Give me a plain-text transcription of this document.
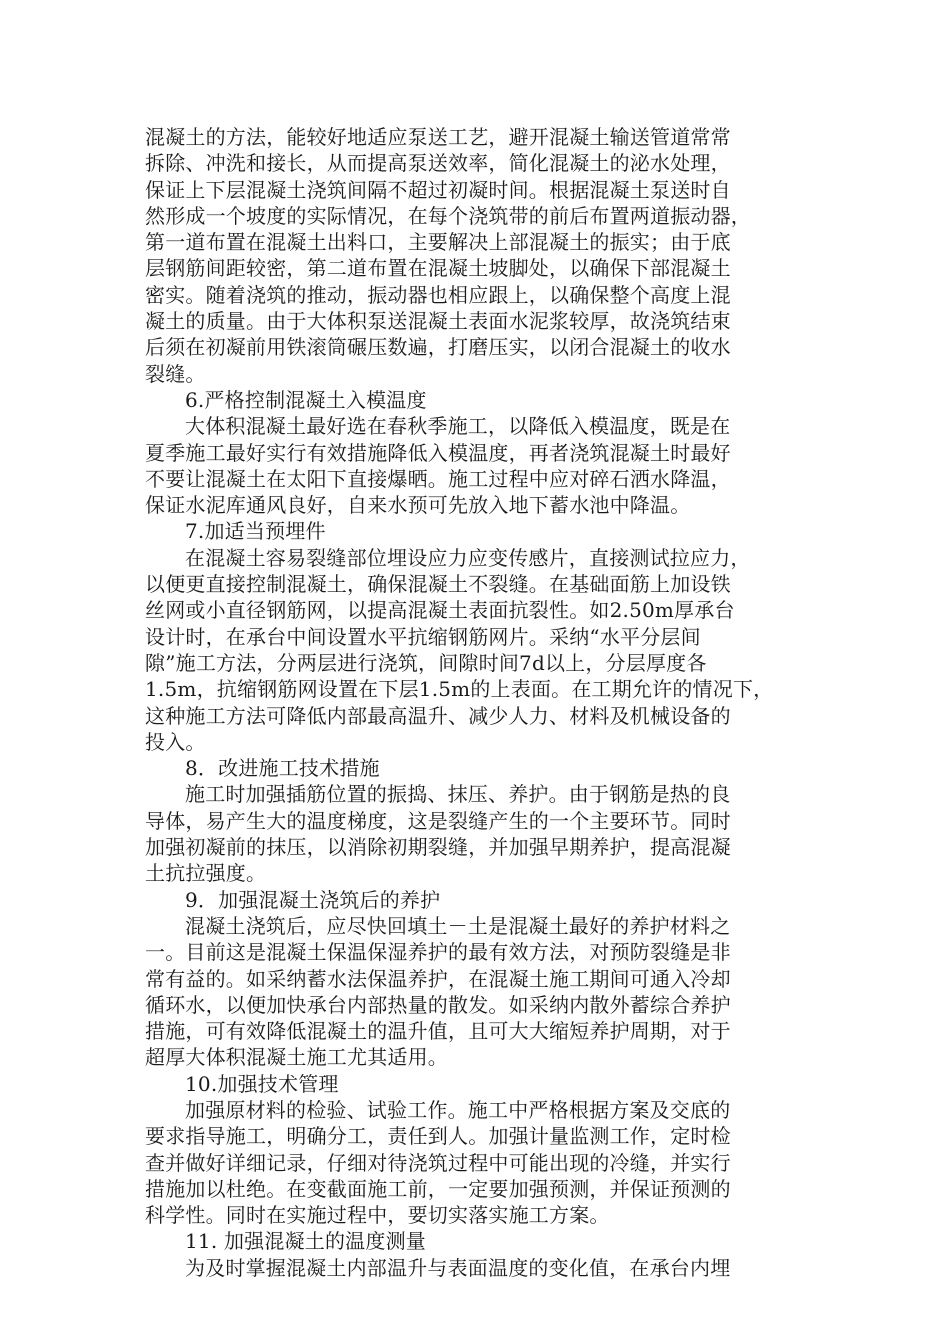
混凝土的方法，能较好地适应泵送工艺，避开混凝土输送管道常常
拆除、冲洗和接长，从而提高泵送效率，简化混凝土的泌水处理，
保证上下层混凝土浇筑间隔不超过初凝时间。根据混凝土泵送时自
然形成一个坡度的实际情况，在每个浇筑带的前后布置两道振动器，
第一道布置在混凝土出料口，主要解决上部混凝土的振实；由于底
层钢筋间距较密，第二道布置在混凝土坡脚处，以确保下部混凝土
密实。随着浇筑的推动，振动器也相应跟上，以确保整个高度上混
凝土的质量。由于大体积泵送混凝土表面水泥浆较厚，故浇筑结束
后须在初凝前用铁滚筒碾压数遍，打磨压实，以闭合混凝土的收水
裂缝。
6.严格控制混凝土入模温度
大体积混凝土最好选在春秋季施工，以降低入模温度，既是在
夏季施工最好实行有效措施降低入模温度，再者浇筑混凝土时最好
不要让混凝土在太阳下直接爆晒。施工过程中应对碎石洒水降温，
保证水泥库通风良好，自来水预可先放入地下蓄水池中降温。
7.加适当预埋件
在混凝土容易裂缝部位埋设应力应变传感片，直接测试拉应力，
以便更直接控制混凝土，确保混凝土不裂缝。在基础面筋上加设铁
丝网或小直径钢筋网，以提高混凝土表面抗裂性。如2.50m厚承台
设计时，在承台中间设置水平抗缩钢筋网片。采纳“水平分层间
隙”施工方法，分两层进行浇筑，间隙时间7d以上，分层厚度各
1.5m，抗缩钢筋网设置在下层1.5m的上表面。在工期允许的情况下，
这种施工方法可降低内部最高温升、减少人力、材料及机械设备的
投入。
8．改进施工技术措施
施工时加强插筋位置的振捣、抹压、养护。由于钢筋是热的良
导体，易产生大的温度梯度，这是裂缝产生的一个主要环节。同时
加强初凝前的抹压，以消除初期裂缝，并加强早期养护，提高混凝
土抗拉强度。
9．加强混凝土浇筑后的养护
混凝土浇筑后，应尽快回填土－土是混凝土最好的养护材料之
一。目前这是混凝土保温保湿养护的最有效方法，对预防裂缝是非
常有益的。如采纳蓄水法保温养护，在混凝土施工期间可通入冷却
循环水，以便加快承台内部热量的散发。如采纳内散外蓄综合养护
措施，可有效降低混凝土的温升值，且可大大缩短养护周期，对于
超厚大体积混凝土施工尤其适用。
10.加强技术管理
加强原材料的检验、试验工作。施工中严格根据方案及交底的
要求指导施工，明确分工，责任到人。加强计量监测工作，定时检
查并做好详细记录，仔细对待浇筑过程中可能出现的冷缝，并实行
措施加以杜绝。在变截面施工前，一定要加强预测，并保证预测的
科学性。同时在实施过程中，要切实落实施工方案。
11. 加强混凝土的温度测量
为及时掌握混凝土内部温升与表面温度的变化值，在承台内埋
